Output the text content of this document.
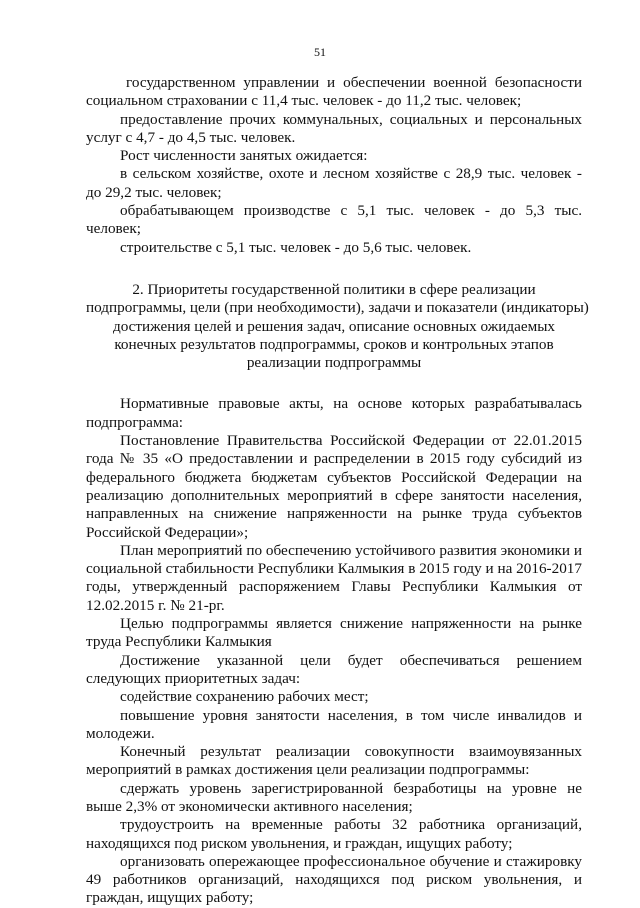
51

государственном управлении и обеспечении военной безопасности социальном страховании с 11,4 тыс. человек - до 11,2 тыс. человек;

предоставление прочих коммунальных, социальных и персональных услуг с 4,7 - до 4,5 тыс. человек.

Рост численности занятых ожидается:

в сельском хозяйстве, охоте и лесном хозяйстве с 28,9 тыс. человек - до 29,2 тыс. человек;

обрабатывающем производстве с 5,1 тыс. человек - до 5,3 тыс. человек;

строительстве с 5,1 тыс. человек - до 5,6 тыс. человек.

2. Приоритеты государственной политики в сфере реализации
подпрограммы, цели (при необходимости), задачи и показатели (индикаторы)
достижения целей и решения задач, описание основных ожидаемых
конечных результатов подпрограммы, сроков и контрольных этапов
реализации подпрограммы

Нормативные правовые акты, на основе которых разрабатывалась подпрограмма:

Постановление Правительства Российской Федерации от 22.01.2015 года № 35 «О предоставлении и распределении в 2015 году субсидий из федерального бюджета бюджетам субъектов Российской Федерации на реализацию дополнительных мероприятий в сфере занятости населения, направленных на снижение напряженности на рынке труда субъектов Российской Федерации»;

План мероприятий по обеспечению устойчивого развития экономики и социальной стабильности Республики Калмыкия в 2015 году и на 2016-2017 годы, утвержденный распоряжением Главы Республики Калмыкия от 12.02.2015 г. № 21-рг.

Целью подпрограммы является снижение напряженности на рынке труда Республики Калмыкия

Достижение указанной цели будет обеспечиваться решением следующих приоритетных задач:

содействие сохранению рабочих мест;

повышение уровня занятости населения, в том числе инвалидов и молодежи.

Конечный результат реализации совокупности взаимоувязанных мероприятий в рамках достижения цели реализации подпрограммы:

сдержать уровень зарегистрированной безработицы на уровне не выше 2,3% от экономически активного населения;

трудоустроить на временные работы 32 работника организаций, находящихся под риском увольнения, и граждан, ищущих работу;

организовать опережающее профессиональное обучение и стажировку 49 работников организаций, находящихся под риском увольнения, и граждан, ищущих работу;
